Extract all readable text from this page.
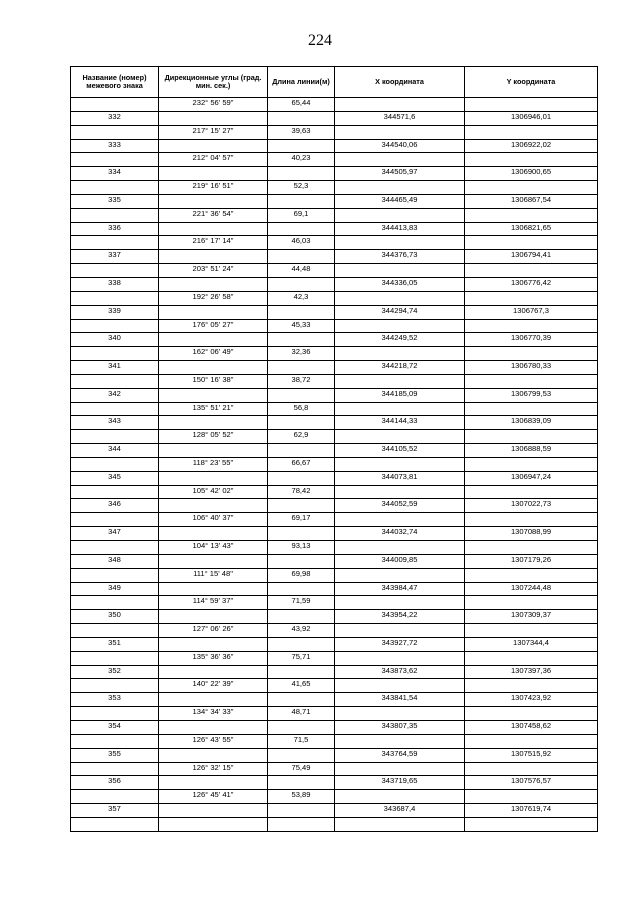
224
Название (номер) межевого знака	Дирекционные углы (град. мин. сек.)	Длина линии(м)	X координата	Y координата
	232° 56' 59"	65,44		
332			344571,6	1306946,01
	217° 15' 27"	39,63		
333			344540,06	1306922,02
	212° 04' 57"	40,23		
334			344505,97	1306900,65
	219° 16' 51"	52,3		
335			344465,49	1306867,54
	221° 36' 54"	69,1		
336			344413,83	1306821,65
	216° 17' 14"	46,03		
337			344376,73	1306794,41
	203° 51' 24"	44,48		
338			344336,05	1306776,42
	192° 26' 58"	42,3		
339			344294,74	1306767,3
	176° 05' 27"	45,33		
340			344249,52	1306770,39
	162° 06' 49"	32,36		
341			344218,72	1306780,33
	150° 16' 38"	38,72		
342			344185,09	1306799,53
	135° 51' 21"	56,8		
343			344144,33	1306839,09
	128° 05' 52"	62,9		
344			344105,52	1306888,59
	118° 23' 55"	66,67		
345			344073,81	1306947,24
	105° 42' 02"	78,42		
346			344052,59	1307022,73
	106° 40' 37"	69,17		
347			344032,74	1307088,99
	104° 13' 43"	93,13		
348			344009,85	1307179,26
	111° 15' 48"	69,98		
349			343984,47	1307244,48
	114° 59' 37"	71,59		
350			343954,22	1307309,37
	127° 06' 26"	43,92		
351			343927,72	1307344,4
	135° 36' 36"	75,71		
352			343873,62	1307397,36
	140° 22' 39"	41,65		
353			343841,54	1307423,92
	134° 34' 33"	48,71		
354			343807,35	1307458,62
	126° 43' 55"	71,5		
355			343764,59	1307515,92
	126° 32' 15"	75,49		
356			343719,65	1307576,57
	126° 45' 41"	53,89		
357			343687,4	1307619,74
